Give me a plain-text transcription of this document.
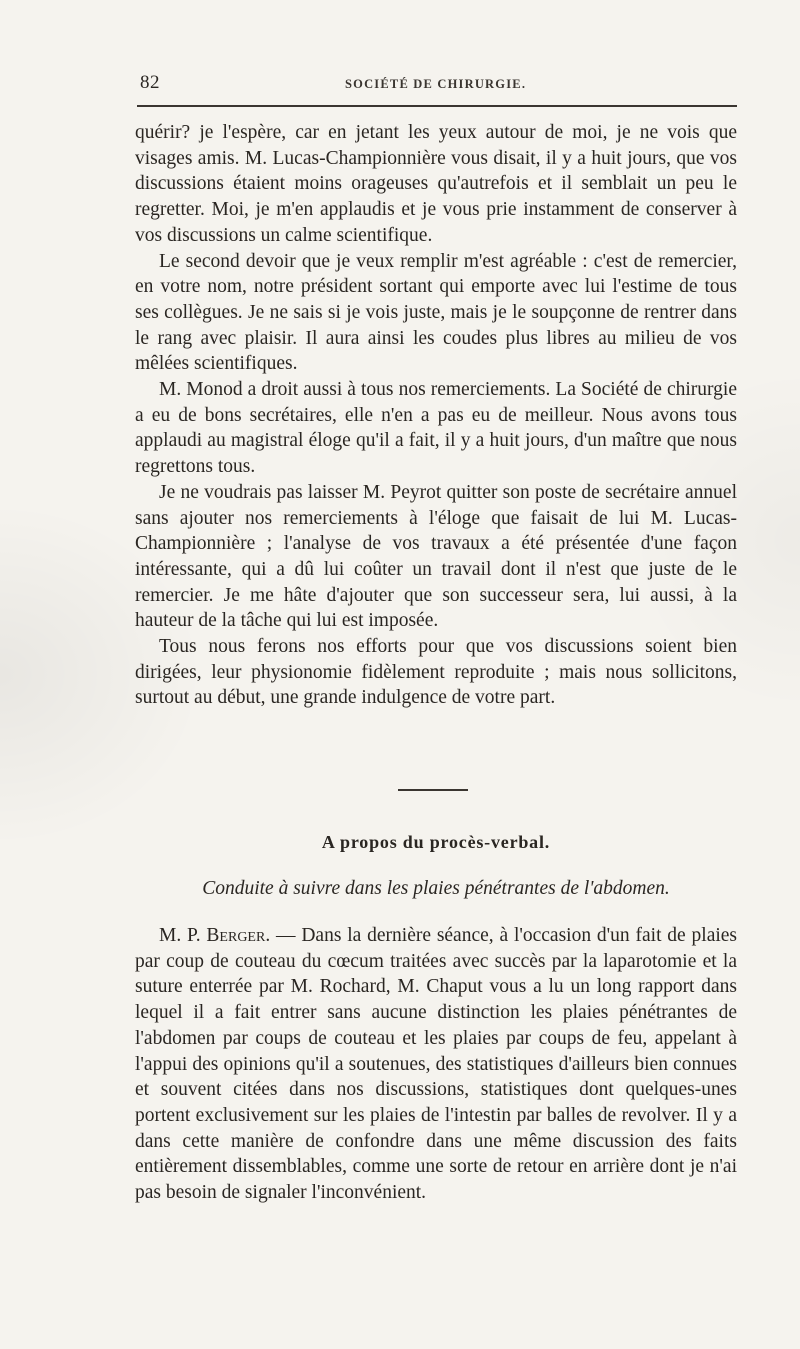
82	SOCIÉTÉ DE CHIRURGIE.

quérir? je l'espère, car en jetant les yeux autour de moi, je ne vois que visages amis. M. Lucas-Championnière vous disait, il y a huit jours, que vos discussions étaient moins orageuses qu'autrefois et il semblait un peu le regretter. Moi, je m'en applaudis et je vous prie instamment de conserver à vos discussions un calme scientifique.

Le second devoir que je veux remplir m'est agréable : c'est de remercier, en votre nom, notre président sortant qui emporte avec lui l'estime de tous ses collègues. Je ne sais si je vois juste, mais je le soupçonne de rentrer dans le rang avec plaisir. Il aura ainsi les coudes plus libres au milieu de vos mêlées scientifiques.

M. Monod a droit aussi à tous nos remerciements. La Société de chirurgie a eu de bons secrétaires, elle n'en a pas eu de meilleur. Nous avons tous applaudi au magistral éloge qu'il a fait, il y a huit jours, d'un maître que nous regrettons tous.

Je ne voudrais pas laisser M. Peyrot quitter son poste de secrétaire annuel sans ajouter nos remerciements à l'éloge que faisait de lui M. Lucas-Championnière ; l'analyse de vos travaux a été présentée d'une façon intéressante, qui a dû lui coûter un travail dont il n'est que juste de le remercier. Je me hâte d'ajouter que son successeur sera, lui aussi, à la hauteur de la tâche qui lui est imposée.

Tous nous ferons nos efforts pour que vos discussions soient bien dirigées, leur physionomie fidèlement reproduite ; mais nous sollicitons, surtout au début, une grande indulgence de votre part.

A propos du procès-verbal.
Conduite à suivre dans les plaies pénétrantes de l'abdomen.

M. P. Berger. — Dans la dernière séance, à l'occasion d'un fait de plaies par coup de couteau du cœcum traitées avec succès par la laparotomie et la suture enterrée par M. Rochard, M. Chaput vous a lu un long rapport dans lequel il a fait entrer sans aucune distinction les plaies pénétrantes de l'abdomen par coups de couteau et les plaies par coups de feu, appelant à l'appui des opinions qu'il a soutenues, des statistiques d'ailleurs bien connues et souvent citées dans nos discussions, statistiques dont quelques-unes portent exclusivement sur les plaies de l'intestin par balles de revolver. Il y a dans cette manière de confondre dans une même discussion des faits entièrement dissemblables, comme une sorte de retour en arrière dont je n'ai pas besoin de signaler l'inconvénient.
